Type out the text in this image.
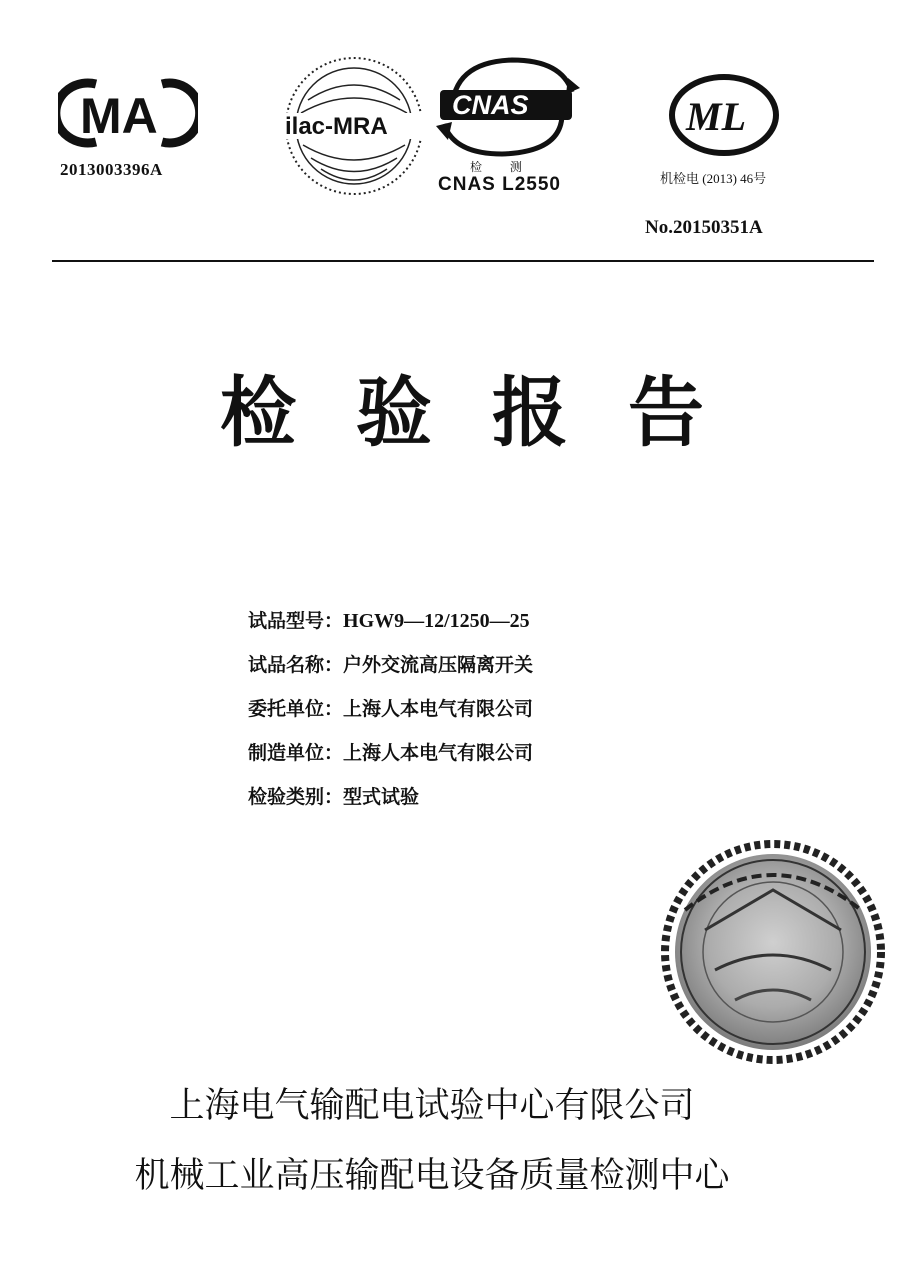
MA
2013003396A
ilac-MRA
CNAS
检 测
CNAS L2550
ML
机检电 (2013) 46号
No.20150351A
检验报告
试品型号：HGW9—12/1250—25
试品名称：户外交流高压隔离开关
委托单位：上海人本电气有限公司
制造单位：上海人本电气有限公司
检验类别：型式试验
上海电气输配电试验中心有限公司
机械工业高压输配电设备质量检测中心
